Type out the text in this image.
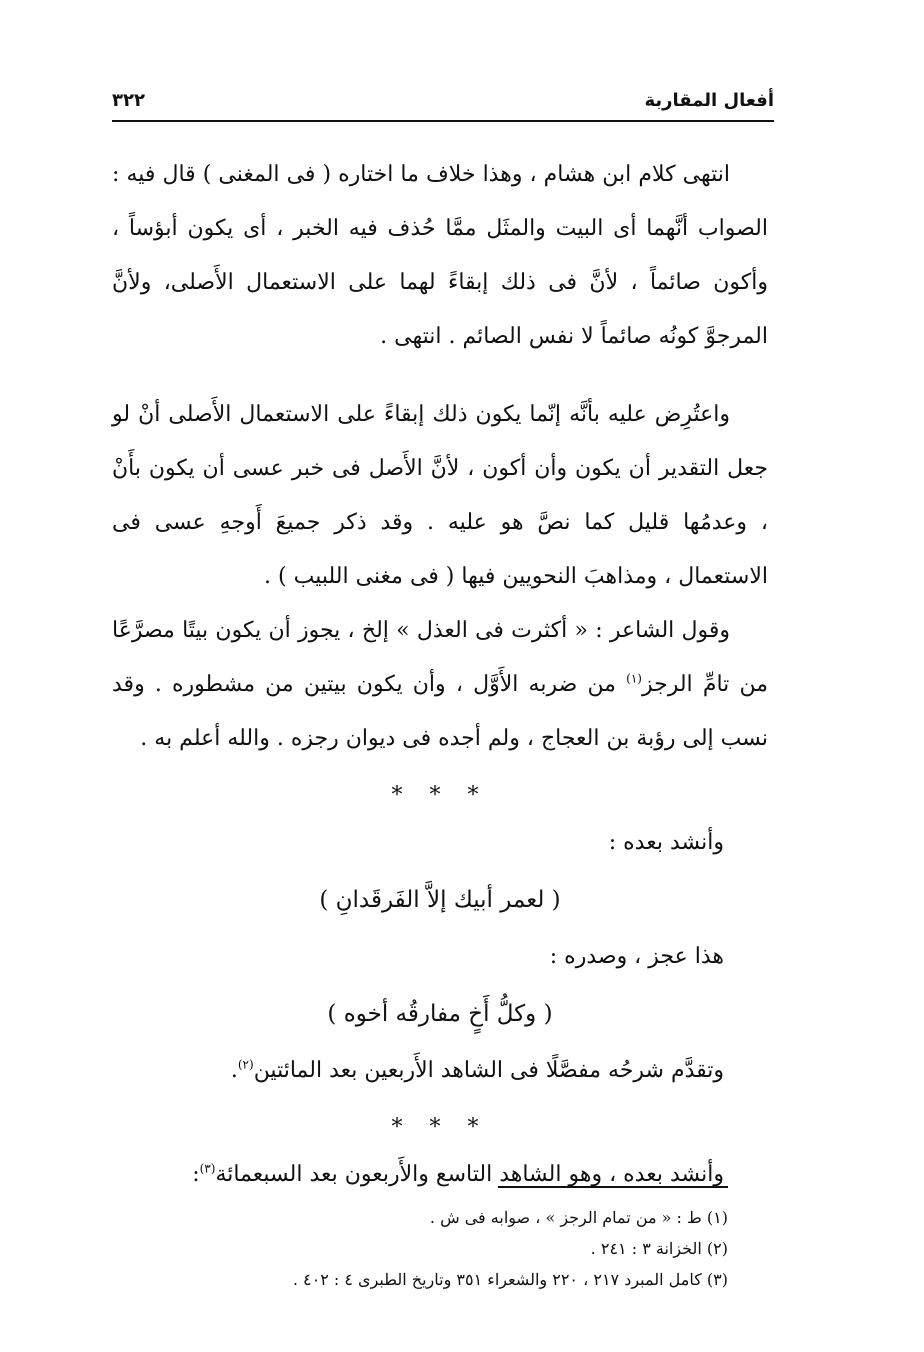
أفعال المقاربة
٣٢٢

انتهى كلام ابن هشام ، وهذا خلاف ما اختاره ( فى المغنى ) قال فيه : الصواب أنَّهما أى البيت والمثَل ممَّا حُذف فيه الخبر ، أى يكون أبؤساً ، وأكون صائماً ، لأنَّ فى ذلك إبقاءً لهما على الاستعمال الأَصلى، ولأنَّ المرجوَّ كونُه صائماً لا نفس الصائم . انتهى .

واعتُرِض عليه بأنَّه إنّما يكون ذلك إبقاءً على الاستعمال الأَصلى أنْ لو جعل التقدير أن يكون وأن أكون ، لأنَّ الأَصل فى خبر عسى أن يكون بأَنْ ، وعدمُها قليل كما نصَّ هو عليه . وقد ذكر جميعَ أَوجهِ عسى فى الاستعمال ، ومذاهبَ النحويين فيها ( فى مغنى اللبيب ) .

وقول الشاعر : « أكثرت فى العذل » إلخ ، يجوز أن يكون بيتًا مصرَّعًا من تامِّ الرجز$^{(١)}$ من ضربه الأَوَّل ، وأن يكون بيتين من مشطوره . وقد نسب إلى رؤبة بن العجاج ، ولم أجده فى ديوان رجزه . والله أعلم به .

* * *

وأنشد بعده :

( لعمر أبيك إلاَّ الفَرقَدانِ )

هذا عجز ، وصدره :

( وكلُّ أَخٍ مفارقُه أخوه )

وتقدَّم شرحُه مفصَّلًا فى الشاهد الأَربعين بعد المائتين$^{(٢)}$.

* * *

وأنشد بعده ، وهو الشاهد التاسع والأَربعون بعد السبعمائة$^{(٣)}$:

(١) ط : « من تمام الرجز » ، صوابه فى ش .
(٢) الخزانة ٣ : ٢٤١ .
(٣) كامل المبرد ٢١٧ ، ٢٢٠ والشعراء ٣٥١ وتاريخ الطبرى ٤ : ٤٠٢ .
